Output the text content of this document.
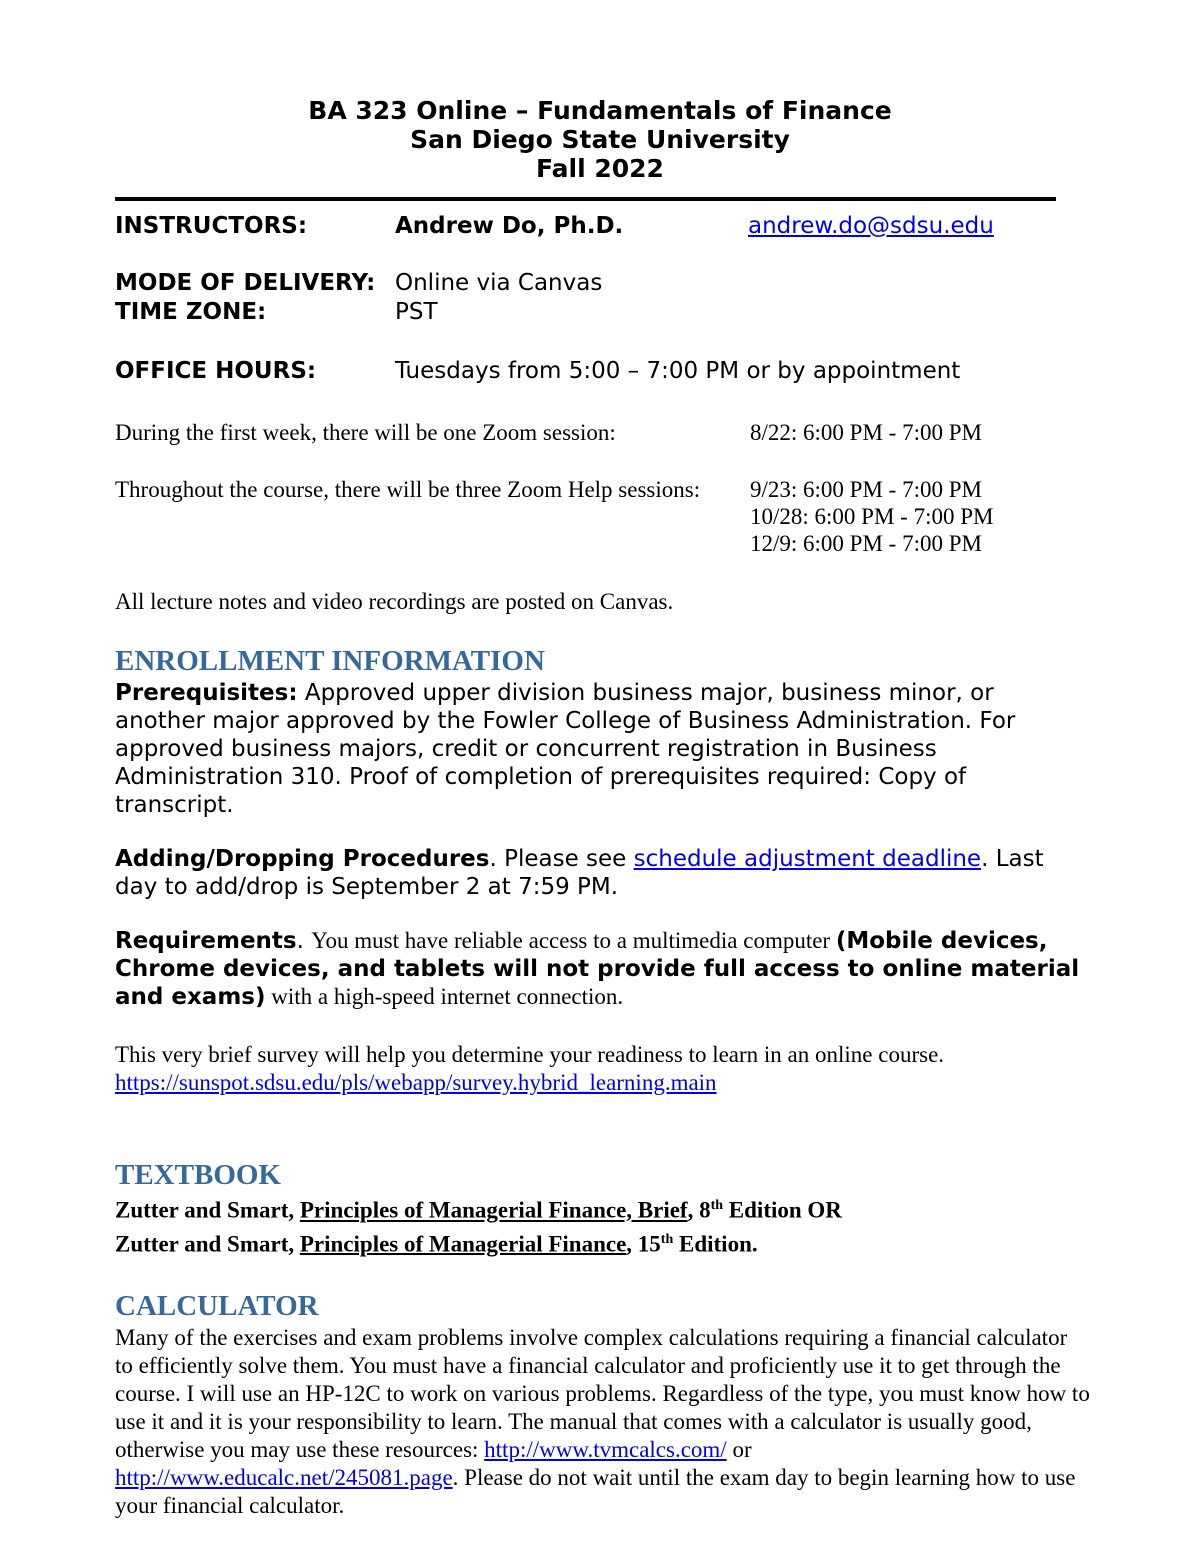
BA 323 Online – Fundamentals of Finance
San Diego State University
Fall 2022
INSTRUCTORS:	Andrew Do, Ph.D.	andrew.do@sdsu.edu
MODE OF DELIVERY: Online via Canvas
TIME ZONE:	PST
OFFICE HOURS:	Tuesdays from 5:00 – 7:00 PM or by appointment
During the first week, there will be one Zoom session:	8/22: 6:00 PM - 7:00 PM
Throughout the course, there will be three Zoom Help sessions:	9/23: 6:00 PM - 7:00 PM
10/28: 6:00 PM - 7:00 PM
12/9: 6:00 PM - 7:00 PM
All lecture notes and video recordings are posted on Canvas.
ENROLLMENT INFORMATION

Prerequisites: Approved upper division business major, business minor, or another major approved by the Fowler College of Business Administration. For approved business majors, credit or concurrent registration in Business Administration 310. Proof of completion of prerequisites required: Copy of transcript.

Adding/Dropping Procedures. Please see schedule adjustment deadline. Last day to add/drop is September 2 at 7:59 PM.

Requirements. You must have reliable access to a multimedia computer (Mobile devices, Chrome devices, and tablets will not provide full access to online material and exams) with a high-speed internet connection.

This very brief survey will help you determine your readiness to learn in an online course.
https://sunspot.sdsu.edu/pls/webapp/survey.hybrid_learning.main

TEXTBOOK
Zutter and Smart, Principles of Managerial Finance, Brief, 8th Edition OR
Zutter and Smart, Principles of Managerial Finance, 15th Edition.
CALCULATOR

Many of the exercises and exam problems involve complex calculations requiring a financial calculator to efficiently solve them. You must have a financial calculator and proficiently use it to get through the course. I will use an HP-12C to work on various problems. Regardless of the type, you must know how to use it and it is your responsibility to learn. The manual that comes with a calculator is usually good, otherwise you may use these resources: http://www.tvmcalcs.com/ or http://www.educalc.net/245081.page. Please do not wait until the exam day to begin learning how to use your financial calculator.
